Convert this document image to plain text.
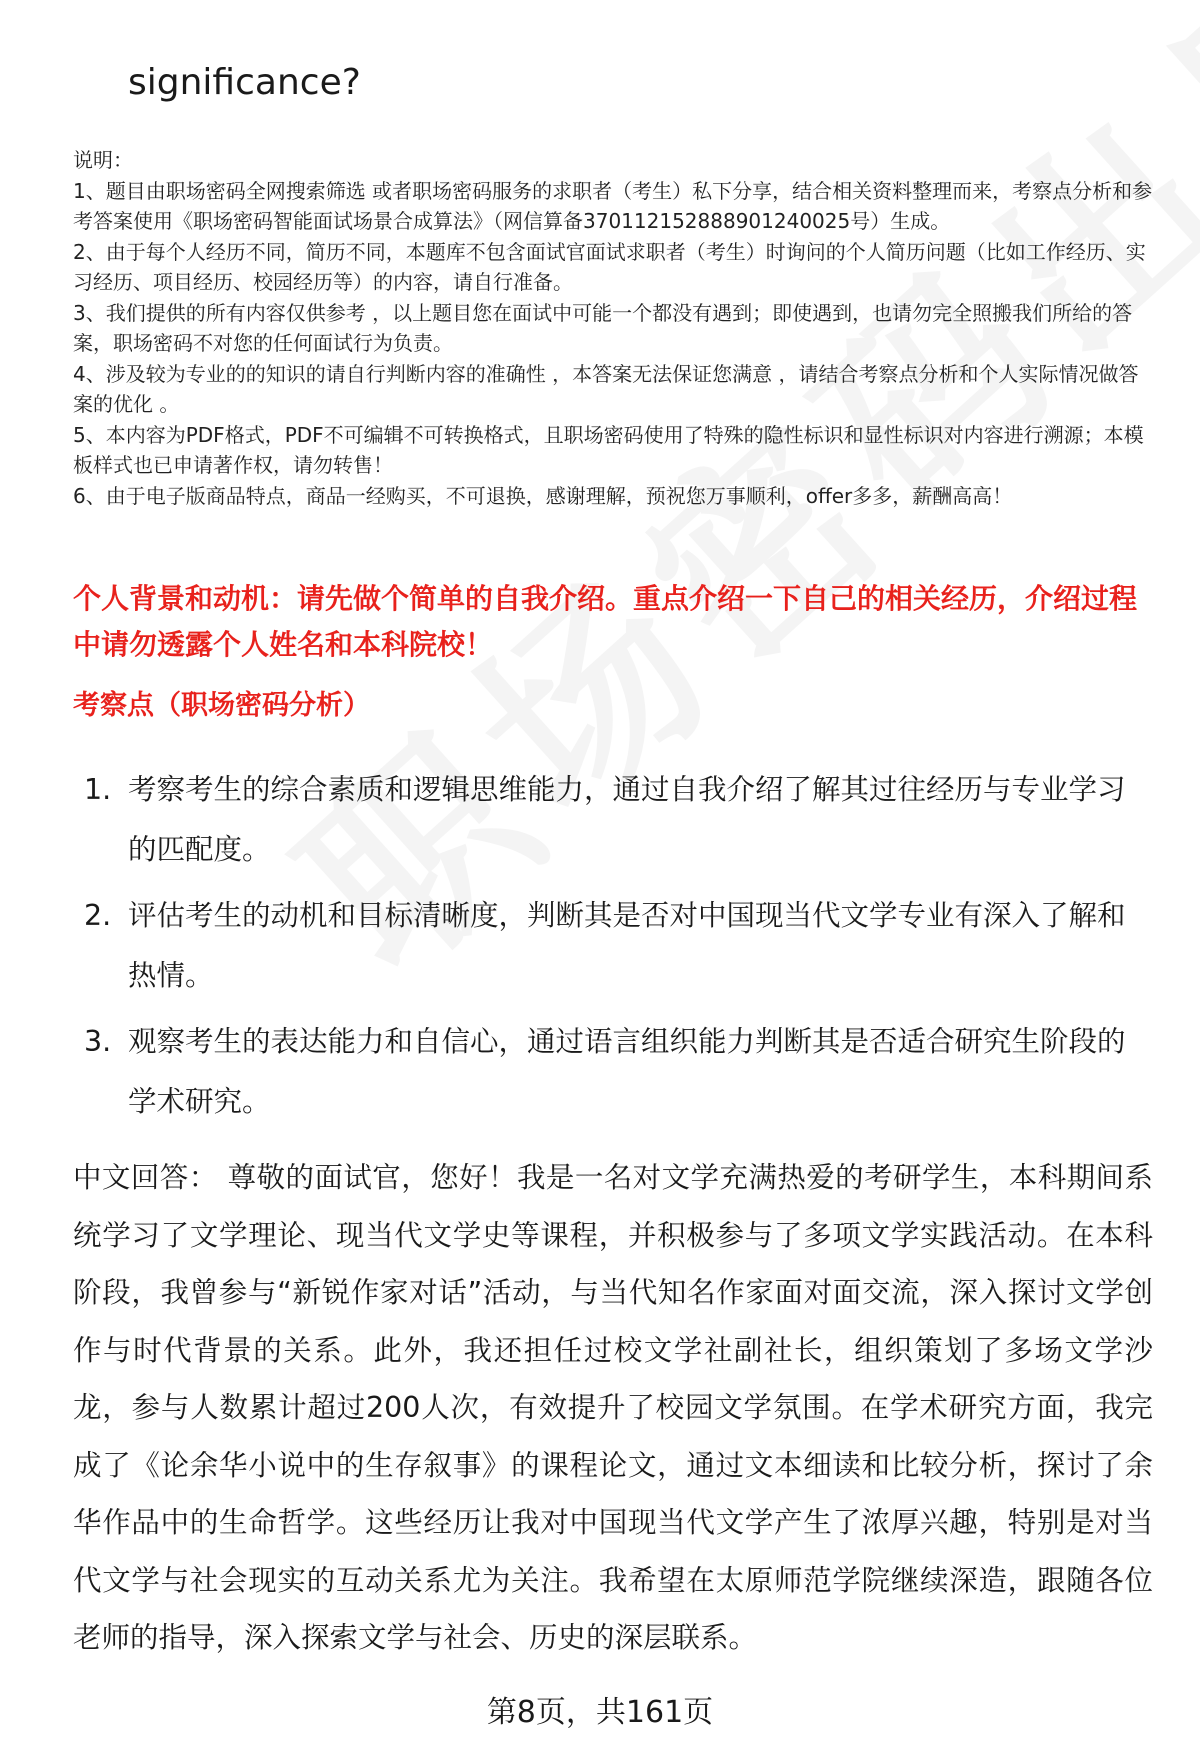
significance?

说明：

1、题目由职场密码全网搜索筛选 或者职场密码服务的求职者（考生）私下分享，结合相关资料整理而来，考察点分析和参考答案使用《职场密码智能面试场景合成算法》（网信算备370112152888901240025号）生成。

2、由于每个人经历不同，简历不同，本题库不包含面试官面试求职者（考生）时询问的个人简历问题（比如工作经历、实习经历、项目经历、校园经历等）的内容，请自行准备。

3、我们提供的所有内容仅供参考 ，以上题目您在面试中可能一个都没有遇到；即使遇到，也请勿完全照搬我们所给的答案，职场密码不对您的任何面试行为负责。

4、涉及较为专业的的知识的请自行判断内容的准确性 ，本答案无法保证您满意 ，请结合考察点分析和个人实际情况做答案的优化 。

5、本内容为PDF格式，PDF不可编辑不可转换格式，且职场密码使用了特殊的隐性标识和显性标识对内容进行溯源；本模板样式也已申请著作权，请勿转售！

6、由于电子版商品特点，商品一经购买，不可退换，感谢理解，预祝您万事顺利，offer多多，薪酬高高！

个人背景和动机：请先做个简单的自我介绍。重点介绍一下自己的相关经历，介绍过程中请勿透露个人姓名和本科院校！
考察点（职场密码分析）
1. 考察考生的综合素质和逻辑思维能力，通过自我介绍了解其过往经历与专业学习的匹配度。
2. 评估考生的动机和目标清晰度，判断其是否对中国现当代文学专业有深入了解和热情。
3. 观察考生的表达能力和自信心，通过语言组织能力判断其是否适合研究生阶段的学术研究。
中文回答： 尊敬的面试官，您好！我是一名对文学充满热爱的考研学生，本科期间系统学习了文学理论、现当代文学史等课程，并积极参与了多项文学实践活动。在本科阶段，我曾参与“新锐作家对话”活动，与当代知名作家面对面交流，深入探讨文学创作与时代背景的关系。此外，我还担任过校文学社副社长，组织策划了多场文学沙龙，参与人数累计超过200人次，有效提升了校园文学氛围。在学术研究方面，我完成了《论余华小说中的生存叙事》的课程论文，通过文本细读和比较分析，探讨了余华作品中的生命哲学。这些经历让我对中国现当代文学产生了浓厚兴趣，特别是对当代文学与社会现实的互动关系尤为关注。我希望在太原师范学院继续深造，跟随各位老师的指导，深入探索文学与社会、历史的深层联系。
第8页，共161页
